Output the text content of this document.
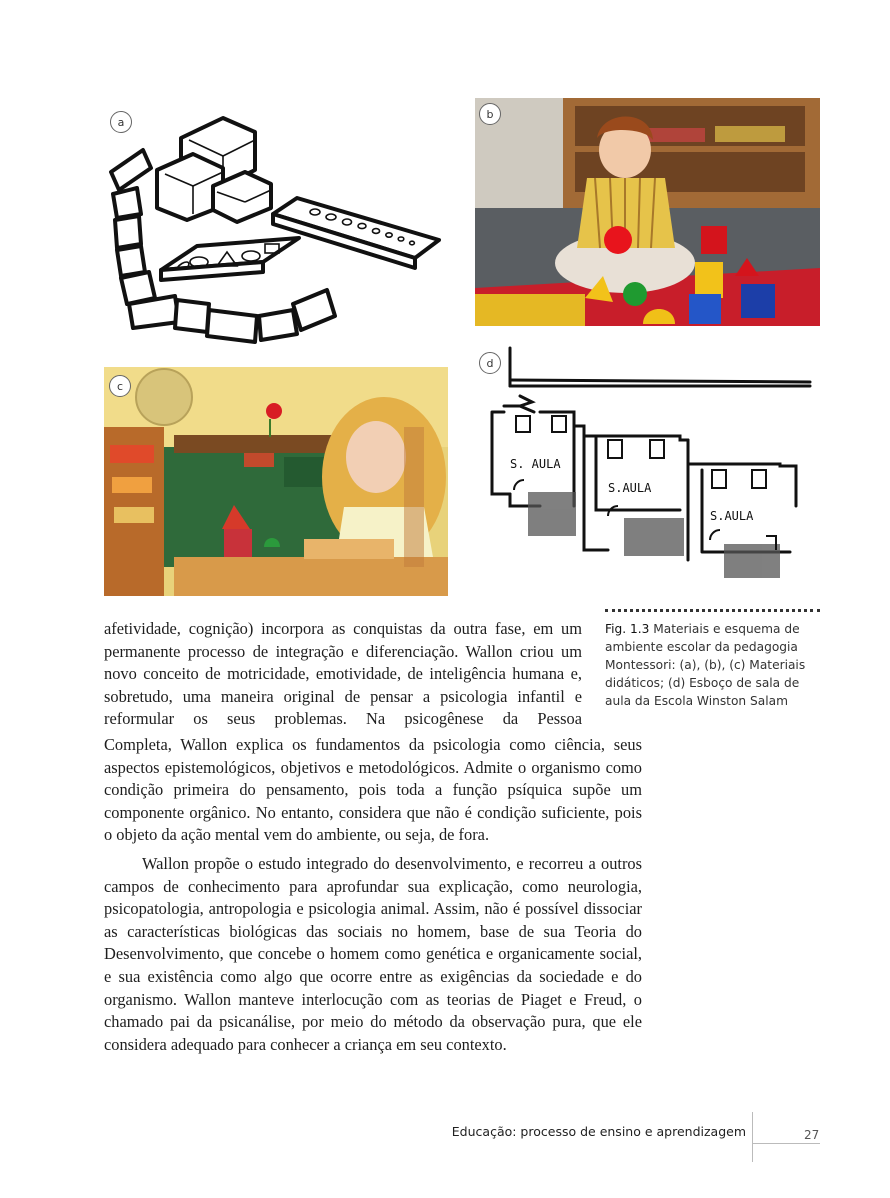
a
b
c
d
S. AULA
S.AULA
S.AULA
Fig. 1.3 Materiais e esquema de ambiente escolar da pedagogia Montessori: (a), (b), (c) Materiais didáticos; (d) Esboço de sala de aula da Escola Winston Salam

afetividade, cognição) incorpora as conquistas da outra fase, em um permanente processo de integração e diferenciação. Wallon criou um novo conceito de motricidade, emotividade, de inteligência humana e, sobretudo, uma maneira original de pensar a psicologia infantil e reformular os seus problemas. Na psicogênese da Pessoa

Completa, Wallon explica os fundamentos da psicologia como ciência, seus aspectos epistemológicos, objetivos e metodológicos. Admite o organismo como condição primeira do pensamento, pois toda a função psíquica supõe um componente orgânico. No entanto, considera que não é condição suficiente, pois o objeto da ação mental vem do ambiente, ou seja, de fora.

Wallon propõe o estudo integrado do desenvolvimento, e recorreu a outros campos de conhecimento para aprofundar sua explicação, como neurologia, psicopatologia, antropologia e psicologia animal. Assim, não é possível dissociar as características biológicas das sociais no homem, base de sua Teoria do Desenvolvimento, que concebe o homem como genética e organicamente social, e sua existência como algo que ocorre entre as exigências da sociedade e do organismo. Wallon manteve interlocução com as teorias de Piaget e Freud, o chamado pai da psicanálise, por meio do método da observação pura, que ele considera adequado para conhecer a criança em seu contexto.

Educação: processo de ensino e aprendizagem	27
